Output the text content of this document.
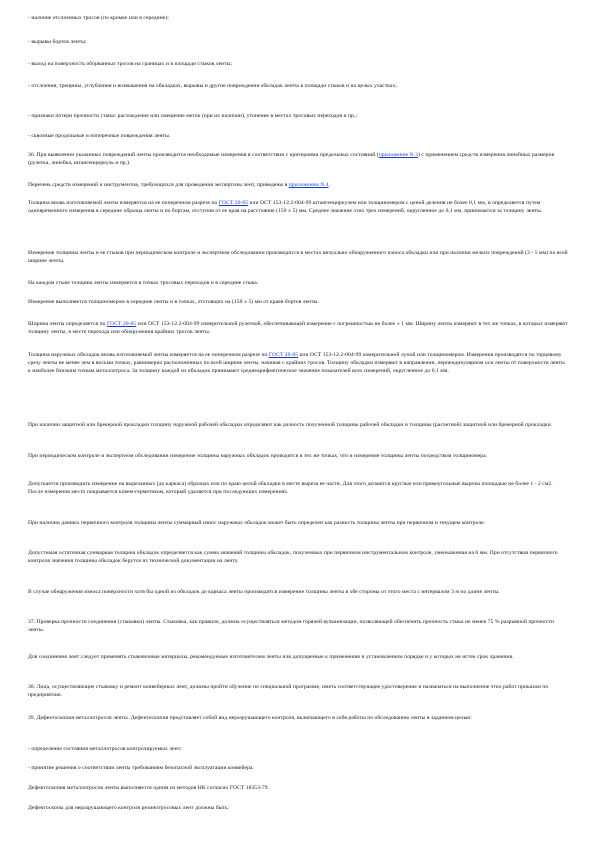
- наличие отслоенных тросов (по кромке или в середине);

- вырывы бортов ленты;

- выход на поверхность оборванных тросов на границах и в площади стыков ленты;

- отслоения, трещины, углубления и возвышения на обкладках, вырывы и другие повреждения обкладок ленты в площади стыков и на целых участках;

- признаки потери прочности стыка: расхождение или смещение меток (при их наличии), утонение в местах тросовых переходов и пр.;

- сквозные продольные и поперечные повреждения ленты.

36. При выявлении указанных повреждений ленты производится необходимые измерения в соответствии с критериями предельных состояний (приложение N 3) с применением средств измерения линейных размеров (рулетка, линейка, штангенциркуль и пр.).

Перечень средств измерений и инструментов, требующихся для проведения экспертизы лент, приведены в приложении N 4.

Толщина вновь изготовляемой ленты измеряется на ее поперечном разрезе по ГОСТ 20-85 или ОСТ 153-12.2-004-99 штангенциркулем или толщиномером с ценой деления не более 0,1 мм, и определяется путем одновременного измерения в середине образца ленты и по бортам, отступив от ее края на расстояние (150 ± 5) мм. Среднее значение этих трех измерений, округленное до 0,1 мм, принимается за толщину ленты.

Измерение толщины ленты и ее стыков при периодическом контроле и экспертном обследовании производится в местах визуально обнаруженного износа обкладки или при наличии мелких повреждений (3 - 5 мм) по всей ширине ленты.

На каждом стыке толщина ленты измеряется в точках тросовых переходов и в середине стыка.

Измерение выполняется толщиномером в середине ленты и в точках, отстоящих на (150 ± 5) мм от краев бортов ленты.

Ширина ленты определяется по ГОСТ 20-85 или ОСТ 153-12.2-004-99 измерительной рулеткой, обеспечивающей измерение с погрешностью не более ± 1 мм. Ширину ленты измеряют в тех же точках, в которых измеряют толщину ленты, в месте перехода или обнаружения крайних тросов ленты.

Толщина наружных обкладок вновь изготовляемой ленты измеряется на ее поперечном разрезе по ГОСТ 20-85 или ОСТ 153-12.2-004-99 измерительной лупой или толщиномером. Измерения производятся по торцевому срезу ленты не менее чем в восьми точках, равномерно расположенных по всей ширине ленты, начиная с крайних тросов. Толщину обкладки измеряют в направлении, перпендикулярном оси ленты от поверхности ленты к наиболее близким точкам металлотроса. За толщину каждой из обкладок принимают среднеарифметическое значение показателей всех измерений, округленное до 0,1 мм.

При наличии защитной или брекерной прокладки толщину наружной рабочей обкладки определяют как разность полученной толщины рабочей обкладки и толщины (расчетной) защитной или брекерной прокладки.

При периодическом контроле и экспертном обследовании измерение толщины наружных обкладок проводится в тех же точках, что и измерение толщины ленты посредством толщиномера.

Допускается производить измерение на вырезанных (до каркаса) образцах или по краю целой обкладки в месте выреза ее части. Для этого делаются круглые или прямоугольные вырезы площадью не более 1 - 2 см2. После измерения место покрывается клеем-герметиком, который удаляется при последующих измерениях.

При наличии данных первичного контроля толщины ленты суммарный износ наружных обкладок может быть определен как разность толщины ленты при первичном и текущем контроле.

Допустимая остаточная суммарная толщина обкладок определяется как сумма значений толщины обкладок, полученных при первичном инструментальном контроле, уменьшенная на 6 мм. При отсутствии первичного контроля значения толщины обкладок берутся из технической документации на ленту.

В случае обнаружения износа поверхности хотя бы одной из обкладок до каркаса ленты производится измерение толщины ленты в обе стороны от этого места с интервалом 3 м по длине ленты.

37. Проверка прочности соединения (стыковки) ленты. Стыковка, как правило, должна осуществляться методом горячей вулканизации, позволяющей обеспечить прочность стыка не менее 75 % разрывной прочности ленты.

Для соединения лент следует применять стыковочные материалы, рекомендуемые изготовителем ленты или допущенные к применению в установленном порядке и у которых не истек срок хранения.

38. Лица, осуществляющие стыковку и ремонт конвейерных лент, должны пройти обучение по специальной программе, иметь соответствующее удостоверение и назначаться на выполнение этих работ приказом по предприятию.

39. Дефектоскопия металлотросов ленты. Дефектоскопия представляет собой вид неразрушающего контроля, включающего в себя работы по обследованию ленты в заданном целью:

- определение состояния металлотросов контролируемых лент;

- принятие решения о соответствии ленты требованиям безопасной эксплуатации конвейера.

Дефектоскопия металлотросов ленты выполняется одним из методов НК согласно ГОСТ 18353-79.

Дефектоскопы для неразрушающего контроля резинотросовых лент должны быть:
